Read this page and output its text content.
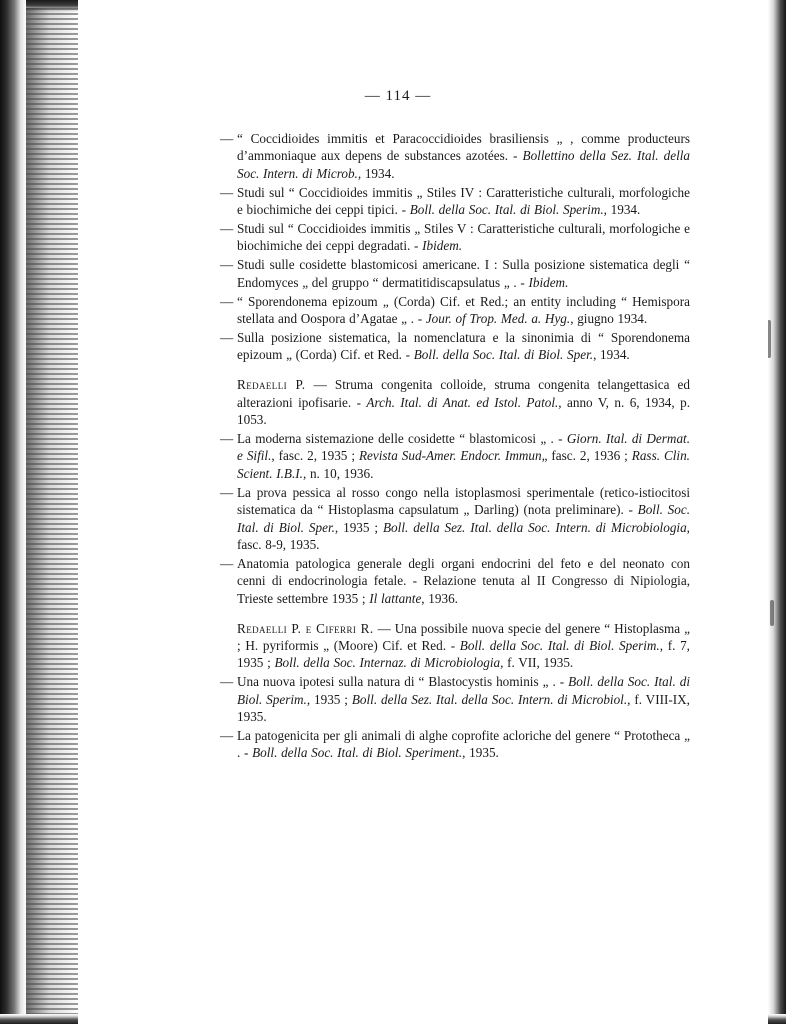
— 114 —
— “ Coccidioides immitis et Paracoccidioides brasiliensis „ , comme producteurs d’ammoniaque aux depens de substances azotées. - Bollettino della Sez. Ital. della Soc. Intern. di Microb., 1934.
— Studi sul “ Coccidioides immitis „ Stiles IV : Caratteristiche culturali, morfologiche e biochimiche dei ceppi tipici. - Boll. della Soc. Ital. di Biol. Sperim., 1934.
— Studi sul “ Coccidioides immitis „ Stiles V : Caratteristiche culturali, morfologiche e biochimiche dei ceppi degradati. - Ibidem.
— Studi sulle cosidette blastomicosi americane. I : Sulla posizione sistematica degli “ Endomyces „ del gruppo “ dermatitidiscapsulatus „ . - Ibidem.
— “ Sporendonema epizoum „ (Corda) Cif. et Red.; an entity including “ Hemispora stellata and Oospora d’Agatae „ . - Jour. of Trop. Med. a. Hyg., giugno 1934.
— Sulla posizione sistematica, la nomenclatura e la sinonimia di “ Sporendonema epizoum „ (Corda) Cif. et Red. - Boll. della Soc. Ital. di Biol. Sper., 1934.
Redaelli P. — Struma congenita colloide, struma congenita telangettasica ed alterazioni ipofisarie. - Arch. Ital. di Anat. ed Istol. Patol., anno V, n. 6, 1934, p. 1053.
— La moderna sistemazione delle cosidette “ blastomicosi „ . - Giorn. Ital. di Dermat. e Sifil., fasc. 2, 1935 ; Revista Sud-Amer. Endocr. Immun„ fasc. 2, 1936 ; Rass. Clin. Scient. I.B.I., n. 10, 1936.
— La prova pessica al rosso congo nella istoplasmosi sperimentale (retico-istiocitosi sistematica da “ Histoplasma capsulatum „ Darling) (nota preliminare). - Boll. Soc. Ital. di Biol. Sper., 1935 ; Boll. della Sez. Ital. della Soc. Intern. di Microbiologia, fasc. 8-9, 1935.
— Anatomia patologica generale degli organi endocrini del feto e del neonato con cenni di endocrinologia fetale. - Relazione tenuta al II Congresso di Nipiologia, Trieste settembre 1935 ; Il lattante, 1936.
Redaelli P. e Ciferri R. — Una possibile nuova specie del genere “ Histoplasma „ ; H. pyriformis „ (Moore) Cif. et Red. - Boll. della Soc. Ital. di Biol. Sperim., f. 7, 1935 ; Boll. della Soc. Internaz. di Microbiologia, f. VII, 1935.
— Una nuova ipotesi sulla natura di “ Blastocystis hominis „ . - Boll. della Soc. Ital. di Biol. Sperim., 1935 ; Boll. della Sez. Ital. della Soc. Intern. di Microbiol., f. VIII-IX, 1935.
— La patogenicita per gli animali di alghe coprofite acloriche del genere “ Prototheca „ . - Boll. della Soc. Ital. di Biol. Speriment., 1935.
